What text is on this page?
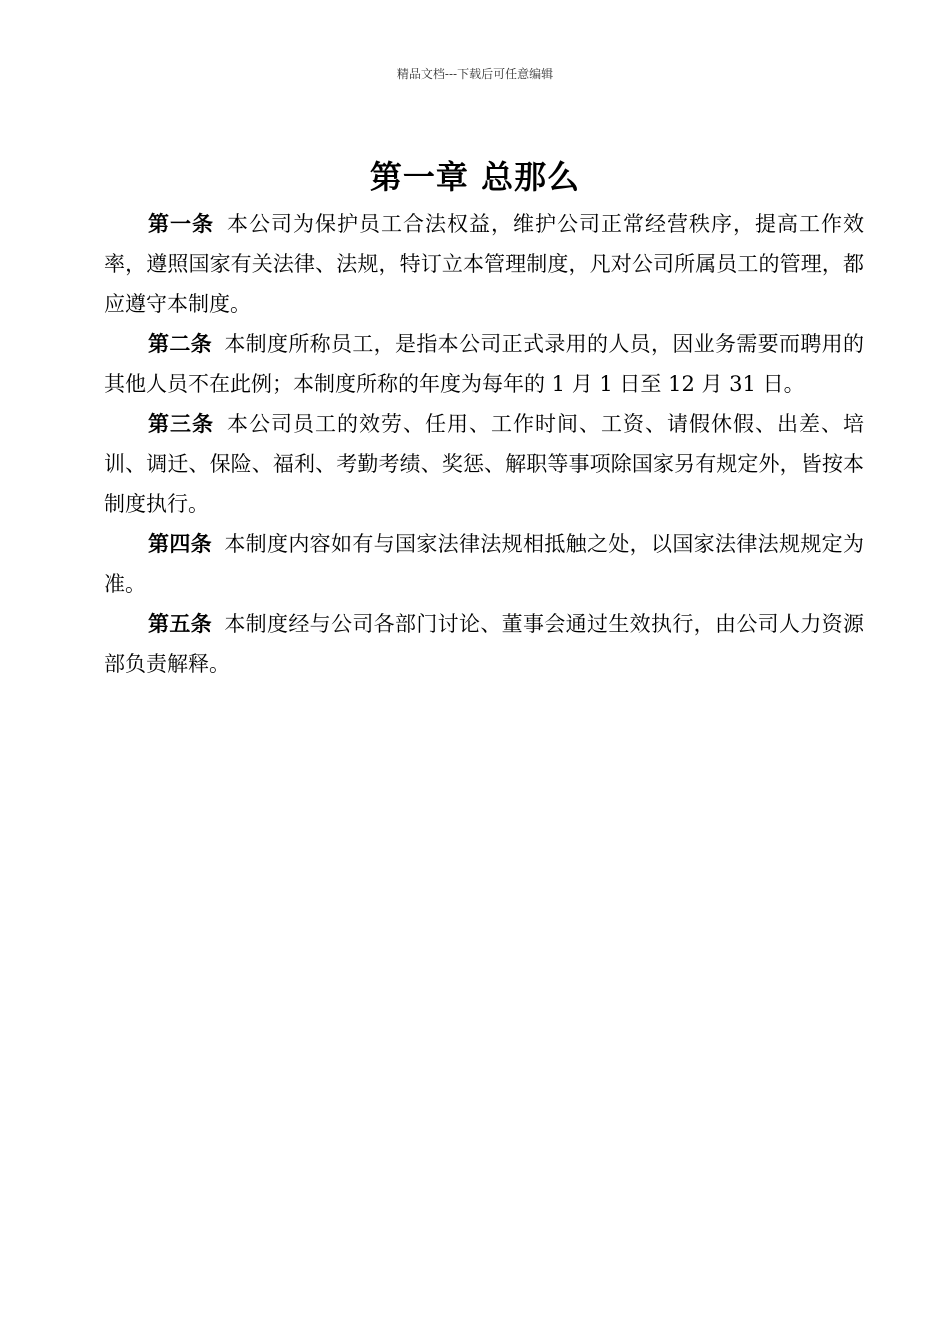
精品文档---下载后可任意编辑
第一章 总那么

第一条 本公司为保护员工合法权益，维护公司正常经营秩序，提高工作效率，遵照国家有关法律、法规，特订立本管理制度，凡对公司所属员工的管理，都应遵守本制度。

第二条 本制度所称员工，是指本公司正式录用的人员，因业务需要而聘用的其他人员不在此例；本制度所称的年度为每年的 1 月 1 日至 12 月 31 日。

第三条 本公司员工的效劳、任用、工作时间、工资、请假休假、出差、培训、调迁、保险、福利、考勤考绩、奖惩、解职等事项除国家另有规定外，皆按本制度执行。

第四条 本制度内容如有与国家法律法规相抵触之处，以国家法律法规规定为准。

第五条 本制度经与公司各部门讨论、董事会通过生效执行，由公司人力资源部负责解释。
